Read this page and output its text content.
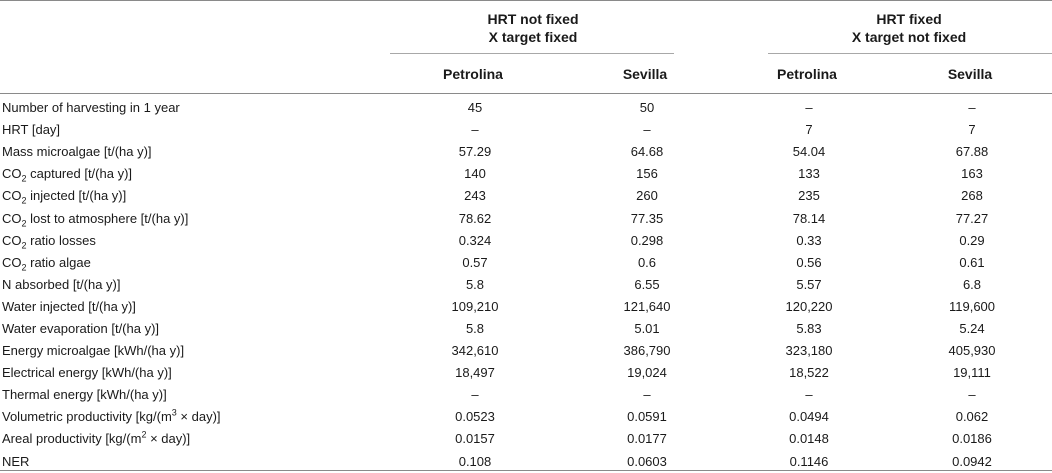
HRT not fixed
X target fixed
HRT fixed
X target not fixed
Petrolina	Sevilla	Petrolina	Sevilla
Number of harvesting in 1 year	45		50		–		–
HRT [day]	–		–		7		7
Mass microalgae [t/(ha y)]	57.29		64.68		54.04		67.88
$CO_2$ captured [t/(ha y)]	140		156		133		163
$CO_2$ injected [t/(ha y)]	243		260		235		268
$CO_2$ lost to atmosphere [t/(ha y)]	78.62		77.35		78.14		77.27
$CO_2$ ratio losses	0.324		0.298		0.33		0.29
$CO_2$ ratio algae	0.57		0.6		0.56		0.61
N absorbed [t/(ha y)]	5.8		6.55		5.57		6.8
Water injected [t/(ha y)]	109,210		121,640		120,220		119,600
Water evaporation [t/(ha y)]	5.8		5.01		5.83		5.24
Energy microalgae [kWh/(ha y)]	342,610		386,790		323,180		405,930
Electrical energy [kWh/(ha y)]	18,497		19,024		18,522		19,111
Thermal energy [kWh/(ha y)]	–		–		–		–
Volumetric productivity $[kg/(m^3 \times day)]$	0.0523		0.0591		0.0494		0.062
Areal productivity $[kg/(m^2 \times day)]$	0.0157		0.0177		0.0148		0.0186
NER	0.108		0.0603		0.1146		0.0942
